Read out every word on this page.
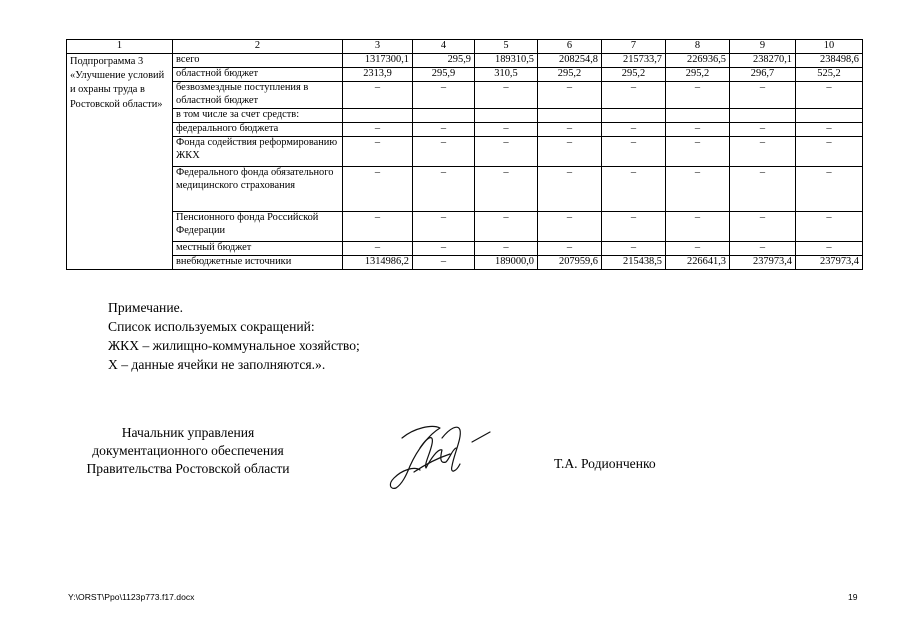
1	2	3	4	5	6	7	8	9	10
Подпрограмма 3 «Улучшение условий и охраны труда в Ростовской области»	всего	1317300,1	295,9	189310,5	208254,8	215733,7	226936,5	238270,1	238498,6
	областной бюджет	2313,9	295,9	310,5	295,2	295,2	295,2	296,7	525,2
	безвозмездные поступления в областной бюджет	–	–	–	–	–	–	–	–
	в том числе за счет средств:								
	федерального бюджета	–	–	–	–	–	–	–	–
	Фонда содействия реформированию ЖКХ	–	–	–	–	–	–	–	–
	Федерального фонда обязательного медицинского страхования	–	–	–	–	–	–	–	–
	Пенсионного фонда Российской Федерации	–	–	–	–	–	–	–	–
	местный бюджет	–	–	–	–	–	–	–	–
	внебюджетные источники	1314986,2	–	189000,0	207959,6	215438,5	226641,3	237973,4	237973,4
Примечание.
Список используемых сокращений:
ЖКХ – жилищно-коммунальное хозяйство;
Х – данные ячейки не заполняются.».
Начальник управления
документационного обеспечения
Правительства Ростовской области	Т.А. Родионченко
Y:\ORST\Ppo\1123p773.f17.docx	19
